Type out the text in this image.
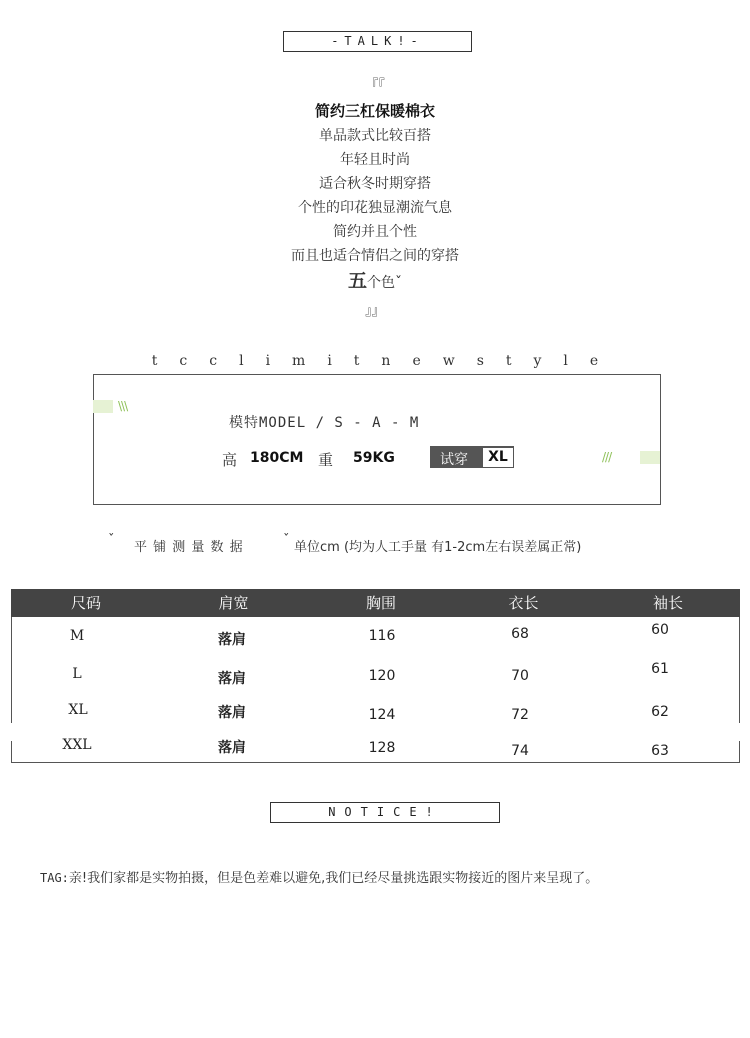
-TALK!-
『『
简约三杠保暖棉衣
单品款式比较百搭
年轻且时尚
适合秋冬时期穿搭
个性的印花独显潮流气息
简约并且个性
而且也适合情侣之间的穿搭
五个色ˇ
』』
tcclimitnewstyle
\\\
模特MODEL / S - A - M
高 180CM 重 59KG	试穿	XL	///
ˇ 平 铺 测 量 数 据	ˇ 单位cm (均为人工手量 有1-2cm左右误差属正常)
尺码	肩宽	胸围	衣长	袖长
M	落肩	116	68	60
L	落肩	120	70	61
XL	落肩	124	72	62
XXL	落肩	128	74	63
NOTICE!
TAG:亲!我们家都是实物拍摄，但是色差难以避免,我们已经尽量挑选跟实物接近的图片来呈现了。
